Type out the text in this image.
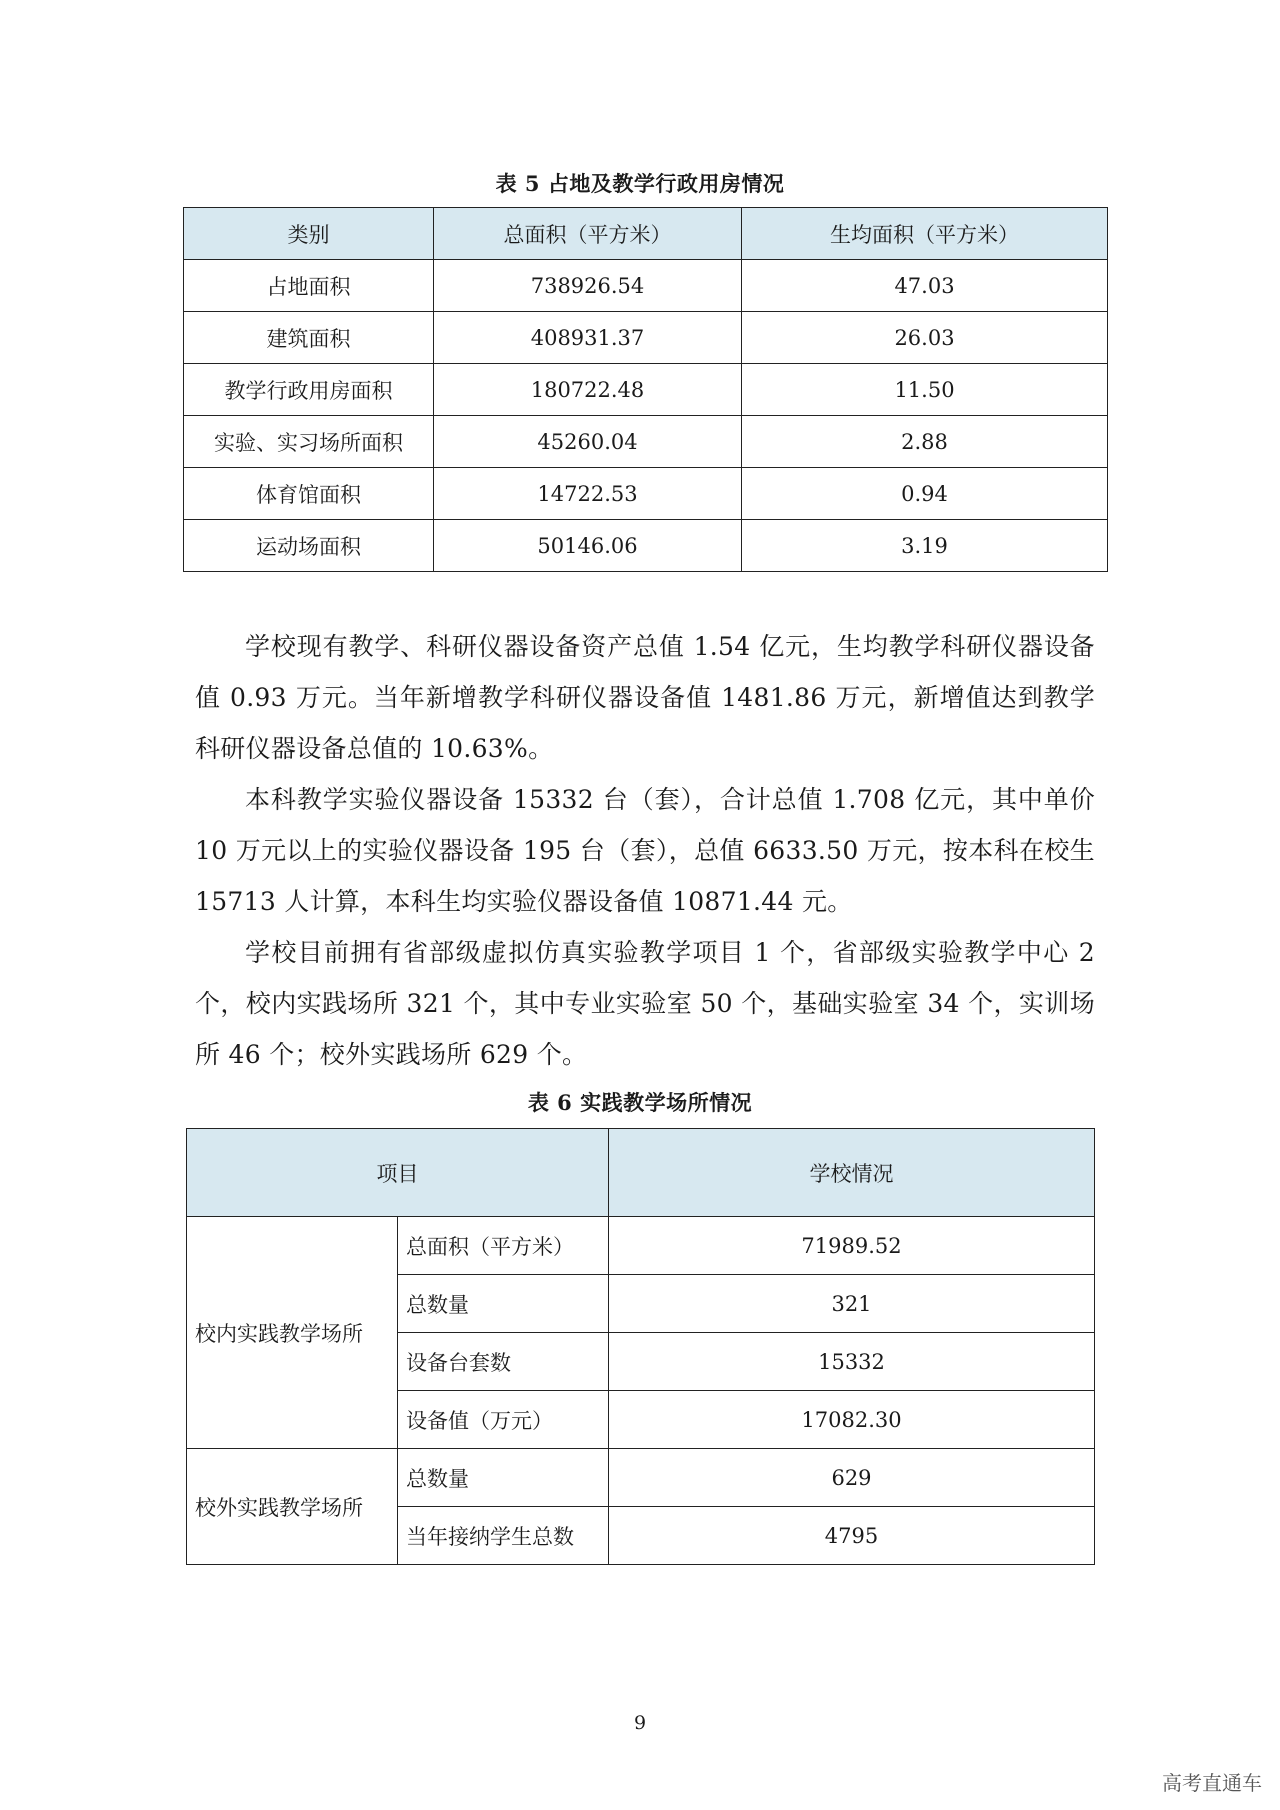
表 5 占地及教学行政用房情况
类别	总面积（平方米）	生均面积（平方米）
占地面积	738926.54	47.03
建筑面积	408931.37	26.03
教学行政用房面积	180722.48	11.50
实验、实习场所面积	45260.04	2.88
体育馆面积	14722.53	0.94
运动场面积	50146.06	3.19

学校现有教学、科研仪器设备资产总值 1.54 亿元，生均教学科研仪器设备值 0.93 万元。当年新增教学科研仪器设备值 1481.86 万元，新增值达到教学科研仪器设备总值的 10.63%。

本科教学实验仪器设备 15332 台（套），合计总值 1.708 亿元，其中单价 10 万元以上的实验仪器设备 195 台（套），总值 6633.50 万元，按本科在校生 15713 人计算，本科生均实验仪器设备值 10871.44 元。

学校目前拥有省部级虚拟仿真实验教学项目 1 个，省部级实验教学中心 2 个，校内实践场所 321 个，其中专业实验室 50 个，基础实验室 34 个，实训场所 46 个；校外实践场所 629 个。

表 6 实践教学场所情况
项目		学校情况
校内实践教学场所	总面积（平方米）	71989.52
	总数量	321
	设备台套数	15332
	设备值（万元）	17082.30
校外实践教学场所	总数量	629
	当年接纳学生总数	4795
9
高考直通车
